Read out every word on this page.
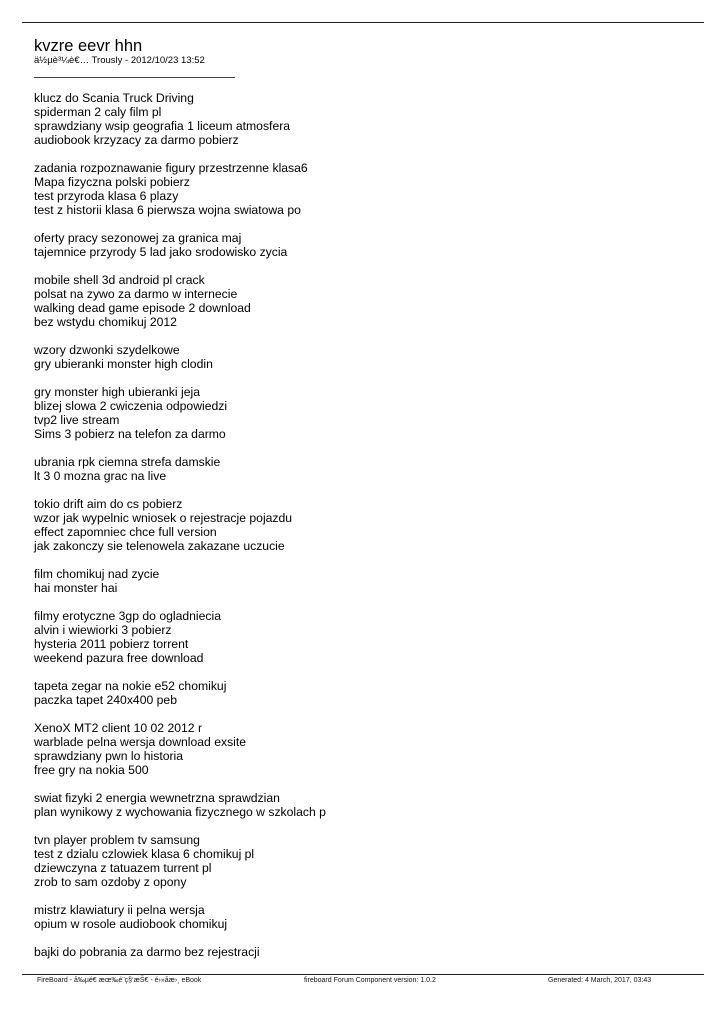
kvzre eevr hhn
ä½µè³¼è€… Trously - 2012/10/23 13:52
klucz do Scania Truck Driving
spiderman 2 caly film pl
sprawdziany wsip geografia 1 liceum atmosfera
audiobook krzyzacy za darmo pobierz
zadania rozpoznawanie figury przestrzenne klasa6
Mapa fizyczna polski pobierz
test przyroda klasa 6 plazy
test z historii klasa 6 pierwsza wojna swiatowa po
oferty pracy sezonowej za granica maj
tajemnice przyrody 5 lad jako srodowisko zycia
mobile shell 3d android pl crack
polsat na zywo za darmo w internecie
walking dead game episode 2 download
bez wstydu chomikuj 2012
wzory dzwonki szydelkowe
gry ubieranki monster high clodin
gry monster high ubieranki jeja
blizej slowa 2 cwiczenia odpowiedzi
tvp2 live stream
Sims 3 pobierz na telefon za darmo
ubrania rpk ciemna strefa damskie
lt 3 0 mozna grac na live
tokio drift aim do cs pobierz
wzor jak wypelnic wniosek o rejestracje pojazdu
effect zapomniec chce full version
jak zakonczy sie telenowela zakazane uczucie
film chomikuj nad zycie
hai monster hai
filmy erotyczne 3gp do ogladniecia
alvin i wiewiorki 3 pobierz
hysteria 2011 pobierz torrent
weekend pazura free download
tapeta zegar na nokie e52 chomikuj
paczka tapet 240x400 peb
XenoX MT2 client 10 02 2012 r
warblade pelna wersja download exsite
sprawdziany pwn lo historia
free gry na nokia 500
swiat fizyki 2 energia wewnetrzna sprawdzian
plan wynikowy z wychowania fizycznego w szkolach p
tvn player problem tv samsung
test z dzialu czlowiek klasa 6 chomikuj pl
dziewczyna z tatuazem turrent pl
zrob to sam ozdoby z opony
mistrz klawiatury ii pelna wersja
opium w rosole audiobook chomikuj
bajki do pobrania za darmo bez rejestracji
FireBoard - å‰µé€ æœ‰é¨ç§‘æŠ€ - é›»åæ›¸ eBook	fireboard Forum Component version: 1.0.2	Generated: 4 March, 2017, 03:43
